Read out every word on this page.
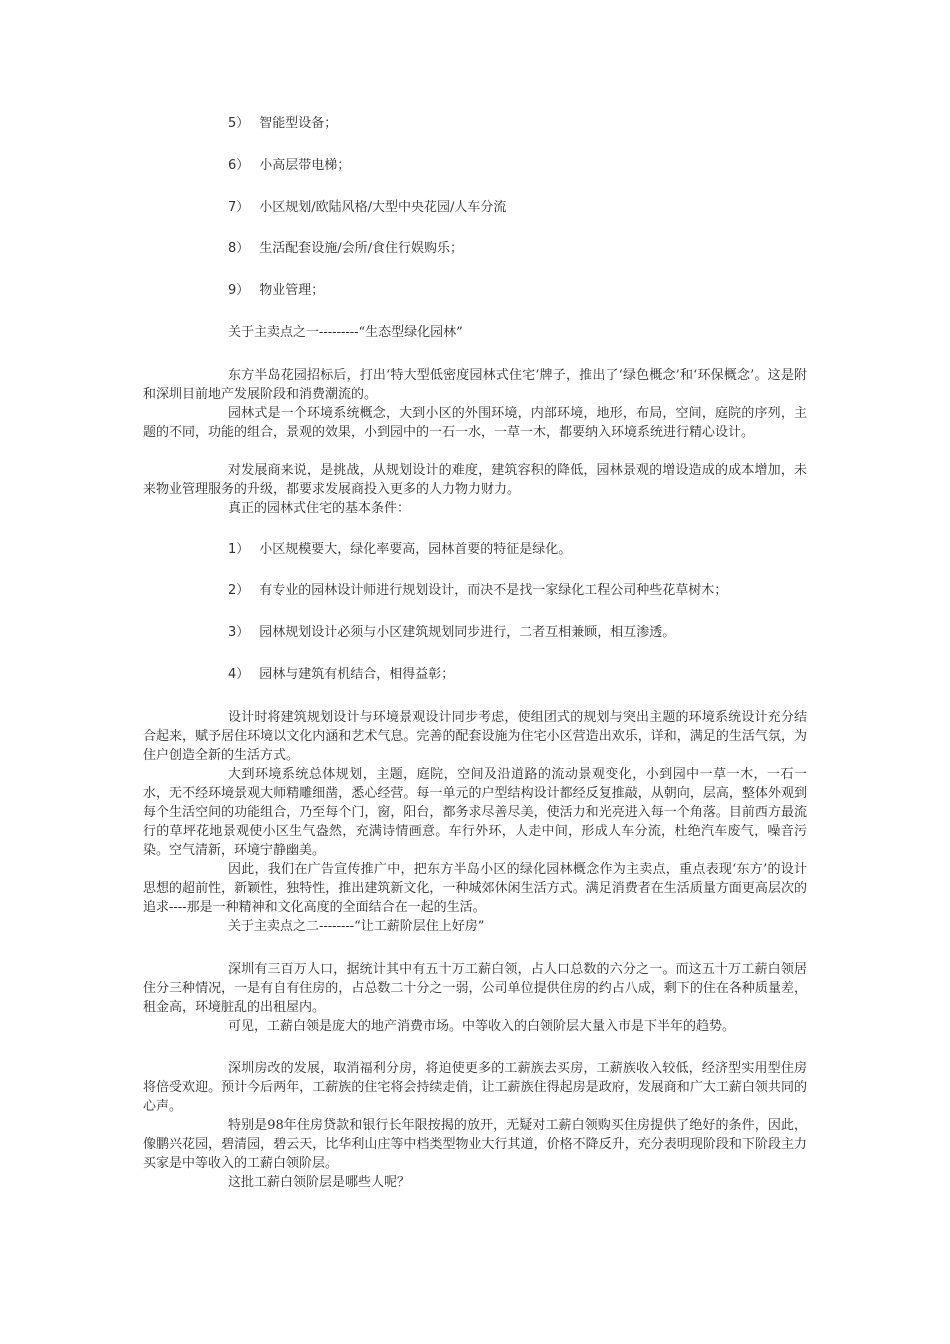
5） 智能型设备；
6） 小高层带电梯；
7） 小区规划/欧陆风格/大型中央花园/人车分流
8） 生活配套设施/会所/食住行娱购乐；
9） 物业管理；
关于主卖点之一---------“生态型绿化园林”
东方半岛花园招标后，打出‘特大型低密度园林式住宅’牌子，推出了‘绿色概念’和‘环保概念’。这是附和深圳目前地产发展阶段和消费潮流的。
园林式是一个环境系统概念，大到小区的外围环境，内部环境，地形，布局，空间，庭院的序列，主题的不同，功能的组合，景观的效果，小到园中的一石一水，一草一木，都要纳入环境系统进行精心设计。
对发展商来说，是挑战，从规划设计的难度，建筑容积的降低，园林景观的增设造成的成本增加，未来物业管理服务的升级，都要求发展商投入更多的人力物力财力。
真正的园林式住宅的基本条件：
1） 小区规模要大，绿化率要高，园林首要的特征是绿化。
2） 有专业的园林设计师进行规划设计，而决不是找一家绿化工程公司种些花草树木；
3） 园林规划设计必须与小区建筑规划同步进行，二者互相兼顾，相互渗透。
4） 园林与建筑有机结合，相得益彰；
设计时将建筑规划设计与环境景观设计同步考虑，使组团式的规划与突出主题的环境系统设计充分结合起来，赋予居住环境以文化内涵和艺术气息。完善的配套设施为住宅小区营造出欢乐，详和，满足的生活气氛，为住户创造全新的生活方式。
大到环境系统总体规划，主题，庭院，空间及沿道路的流动景观变化，小到园中一草一木，一石一水，无不经环境景观大师精雕细凿，悉心经营。每一单元的户型结构设计都经反复推敲，从朝向，层高，整体外观到每个生活空间的功能组合，乃至每个门，窗，阳台，都务求尽善尽美，使活力和光亮进入每一个角落。目前西方最流行的草坪花地景观使小区生气盎然，充满诗情画意。车行外环，人走中间，形成人车分流，杜绝汽车废气，噪音污染。空气清新，环境宁静幽美。
因此，我们在广告宣传推广中，把东方半岛小区的绿化园林概念作为主卖点，重点表现‘东方’的设计思想的超前性，新颖性，独特性，推出建筑新文化，一种城郊休闲生活方式。满足消费者在生活质量方面更高层次的追求----那是一种精神和文化高度的全面结合在一起的生活。
关于主卖点之二--------“让工薪阶层住上好房”
深圳有三百万人口，据统计其中有五十万工薪白领，占人口总数的六分之一。而这五十万工薪白领居住分三种情况，一是有自有住房的，占总数二十分之一弱，公司单位提供住房的约占八成，剩下的住在各种质量差，租金高，环境脏乱的出租屋内。
可见，工薪白领是庞大的地产消费市场。中等收入的白领阶层大量入市是下半年的趋势。
深圳房改的发展，取消福利分房，将迫使更多的工薪族去买房，工薪族收入较低，经济型实用型住房将倍受欢迎。预计今后两年，工薪族的住宅将会持续走俏，让工薪族住得起房是政府，发展商和广大工薪白领共同的心声。
特别是98年住房贷款和银行长年限按揭的放开，无疑对工薪白领购买住房提供了绝好的条件，因此，像鹏兴花园，碧清园，碧云天，比华利山庄等中档类型物业大行其道，价格不降反升，充分表明现阶段和下阶段主力买家是中等收入的工薪白领阶层。
这批工薪白领阶层是哪些人呢？
